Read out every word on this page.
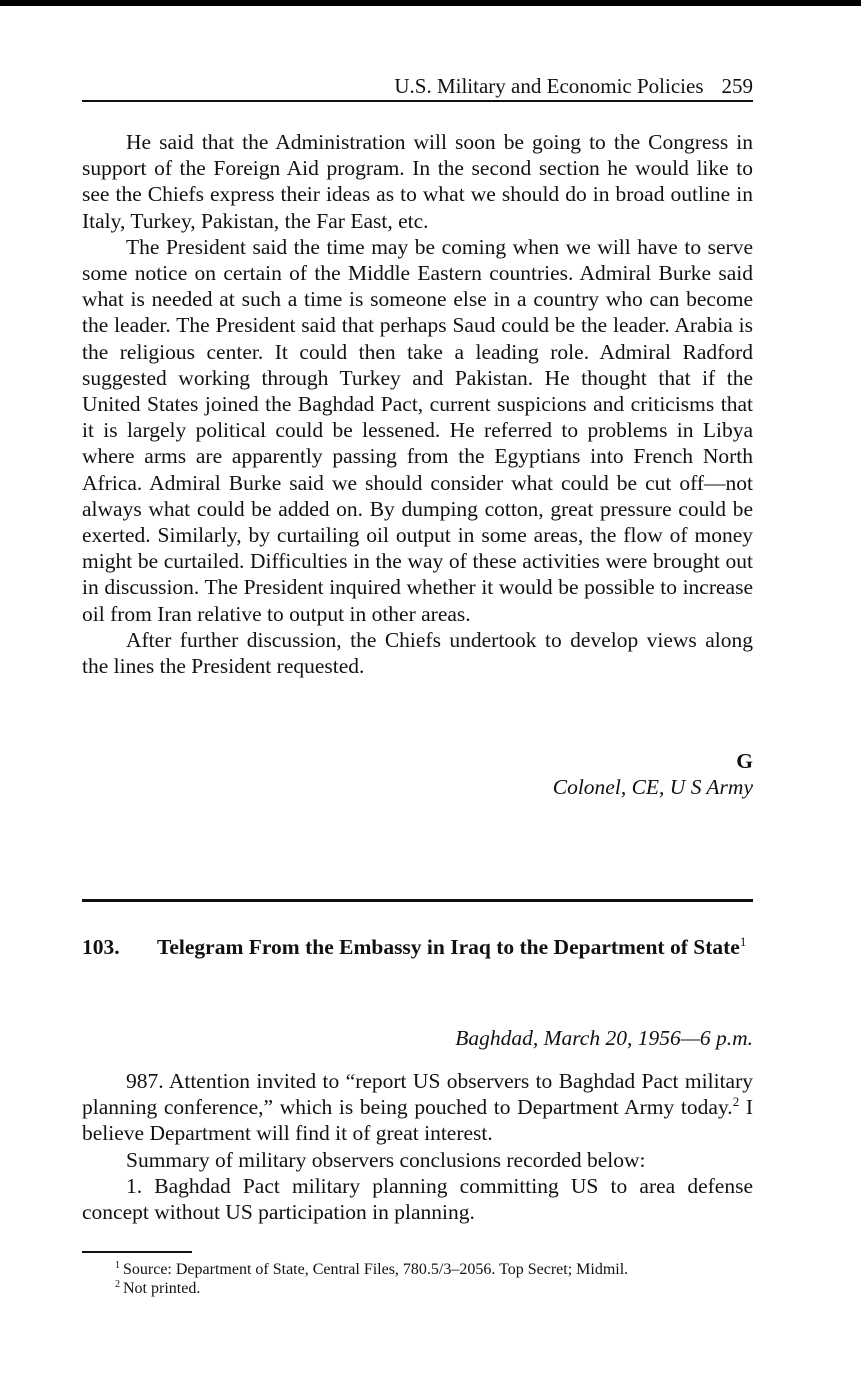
U.S. Military and Economic Policies 259

He said that the Administration will soon be going to the Congress in support of the Foreign Aid program. In the second section he would like to see the Chiefs express their ideas as to what we should do in broad outline in Italy, Turkey, Pakistan, the Far East, etc.

The President said the time may be coming when we will have to serve some notice on certain of the Middle Eastern countries. Admiral Burke said what is needed at such a time is someone else in a country who can become the leader. The President said that perhaps Saud could be the leader. Arabia is the religious center. It could then take a leading role. Admiral Radford suggested working through Turkey and Pakistan. He thought that if the United States joined the Baghdad Pact, current suspicions and criticisms that it is largely political could be lessened. He referred to problems in Libya where arms are apparently passing from the Egyptians into French North Africa. Admiral Burke said we should consider what could be cut off—not always what could be added on. By dumping cotton, great pressure could be exerted. Similarly, by curtailing oil output in some areas, the flow of money might be curtailed. Difficulties in the way of these activities were brought out in discussion. The President inquired whether it would be possible to increase oil from Iran relative to output in other areas.

After further discussion, the Chiefs undertook to develop views along the lines the President requested.

G
Colonel, CE, U S Army
103. Telegram From the Embassy in Iraq to the Department of State$^1$
Baghdad, March 20, 1956—6 p.m.

987. Attention invited to “report US observers to Baghdad Pact military planning conference,” which is being pouched to Department Army today.$^2$ I believe Department will find it of great interest.

Summary of military observers conclusions recorded below:

1. Baghdad Pact military planning committing US to area defense concept without US participation in planning.

$^1$ Source: Department of State, Central Files, 780.5/3–2056. Top Secret; Midmil.
$^2$ Not printed.
